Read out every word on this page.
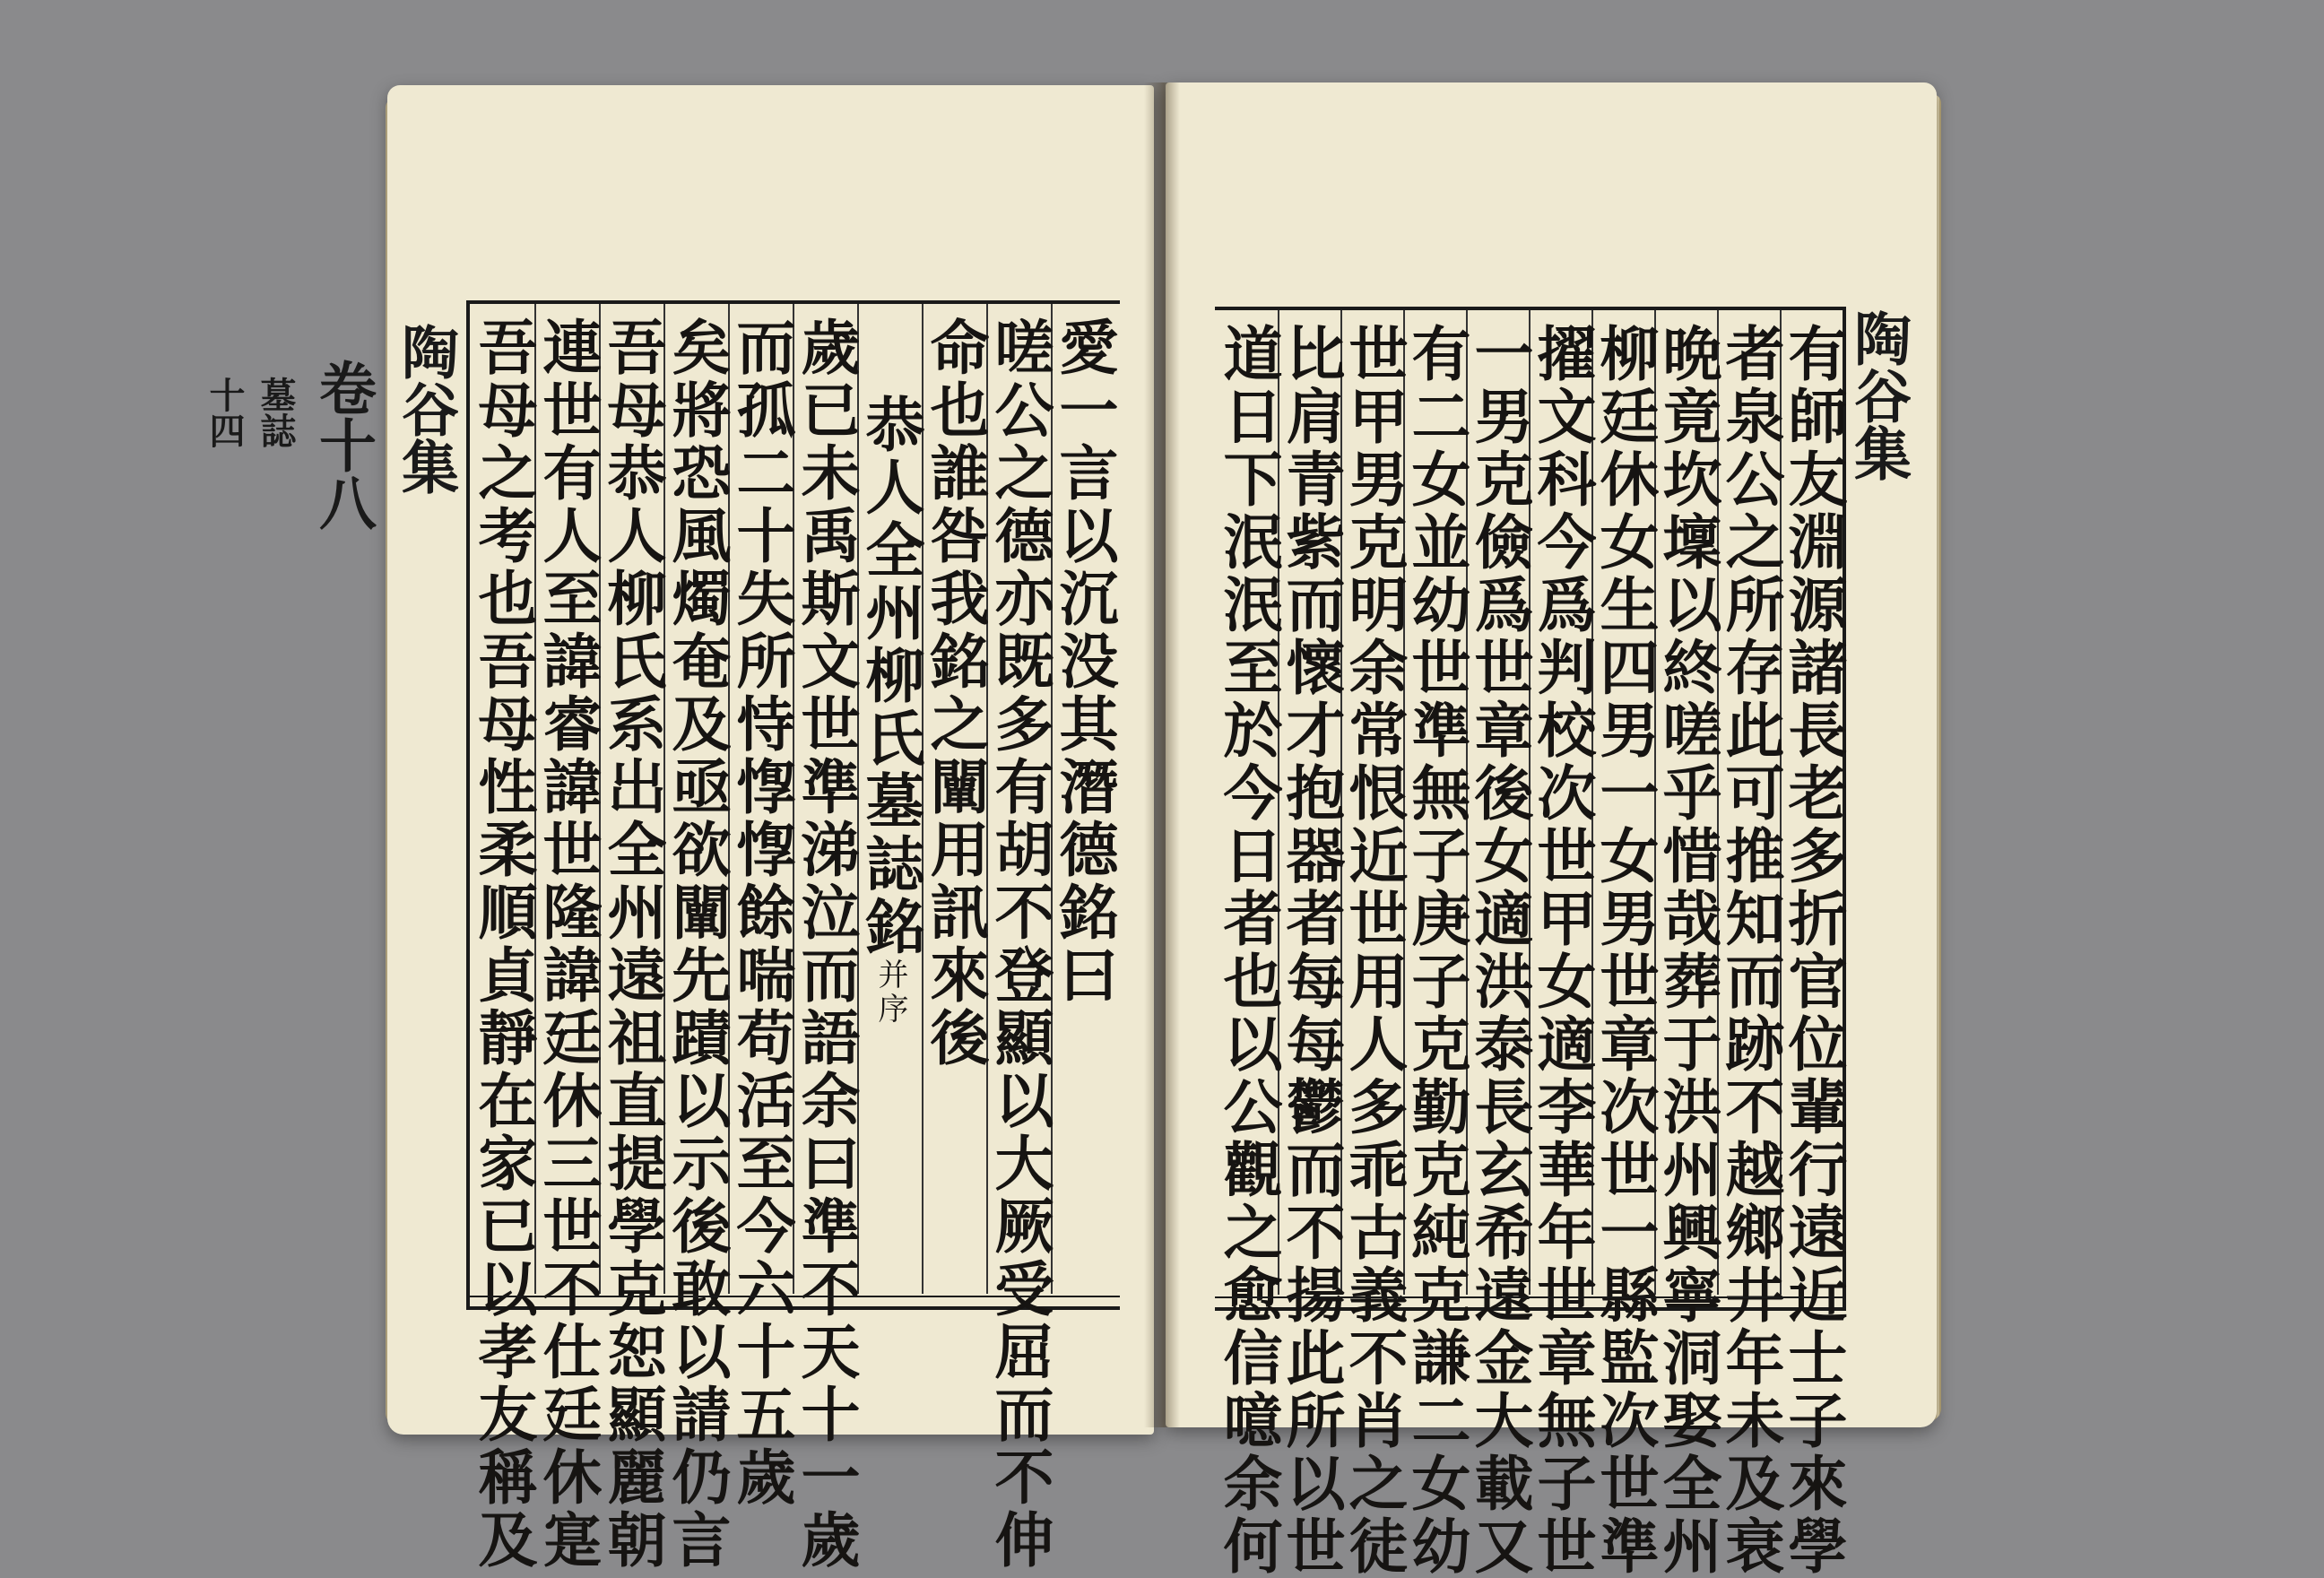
陶谷集
卷十八
墓誌
十四	陶谷集
愛一言以沉没其潛德銘曰
嗟公之德亦既多有胡不登顯以大厥受屈而不伸
命也誰咎我銘之闡用訊來後
恭人全州柳氏墓誌銘并序
歲已未禹斯文世準涕泣而語余曰準不天十一歲
而孤二十失所恃惸惸餘喘苟活至今六十五歲
矣將恐風燭奄及亟欲闡先蹟以示後敢以請仍言
吾母恭人柳氏系出全州遠祖直提學克恕顯麗朝
連世有人至諱睿諱世隆諱廷休三世不仕廷休寔
吾母之考也吾母性柔順貞靜在家已以孝友稱及	有師友淵源諸長老多折官位輩行遠近士子來學
者泉公之所存此可推知而跡不越鄉井年未及衰
晩竟坎壈以終嗟乎惜哉葬于洪州興寧洞娶全州
柳廷休女生四男一女男世章次世一縣監次世準
擢文科今爲判校次世甲女適李華年世章無子世
一男克儉爲世章後女適洪泰長玄希遠金大載又
有二女並幼世準無子庚子克勤克純克謙二女幼
世甲男克明余常恨近世用人多乖古義不肖之徒
比肩青紫而懷才抱器者每每鬱而不揚此所以世
道日下泯泯至於今日者也以公觀之愈信噫余何
